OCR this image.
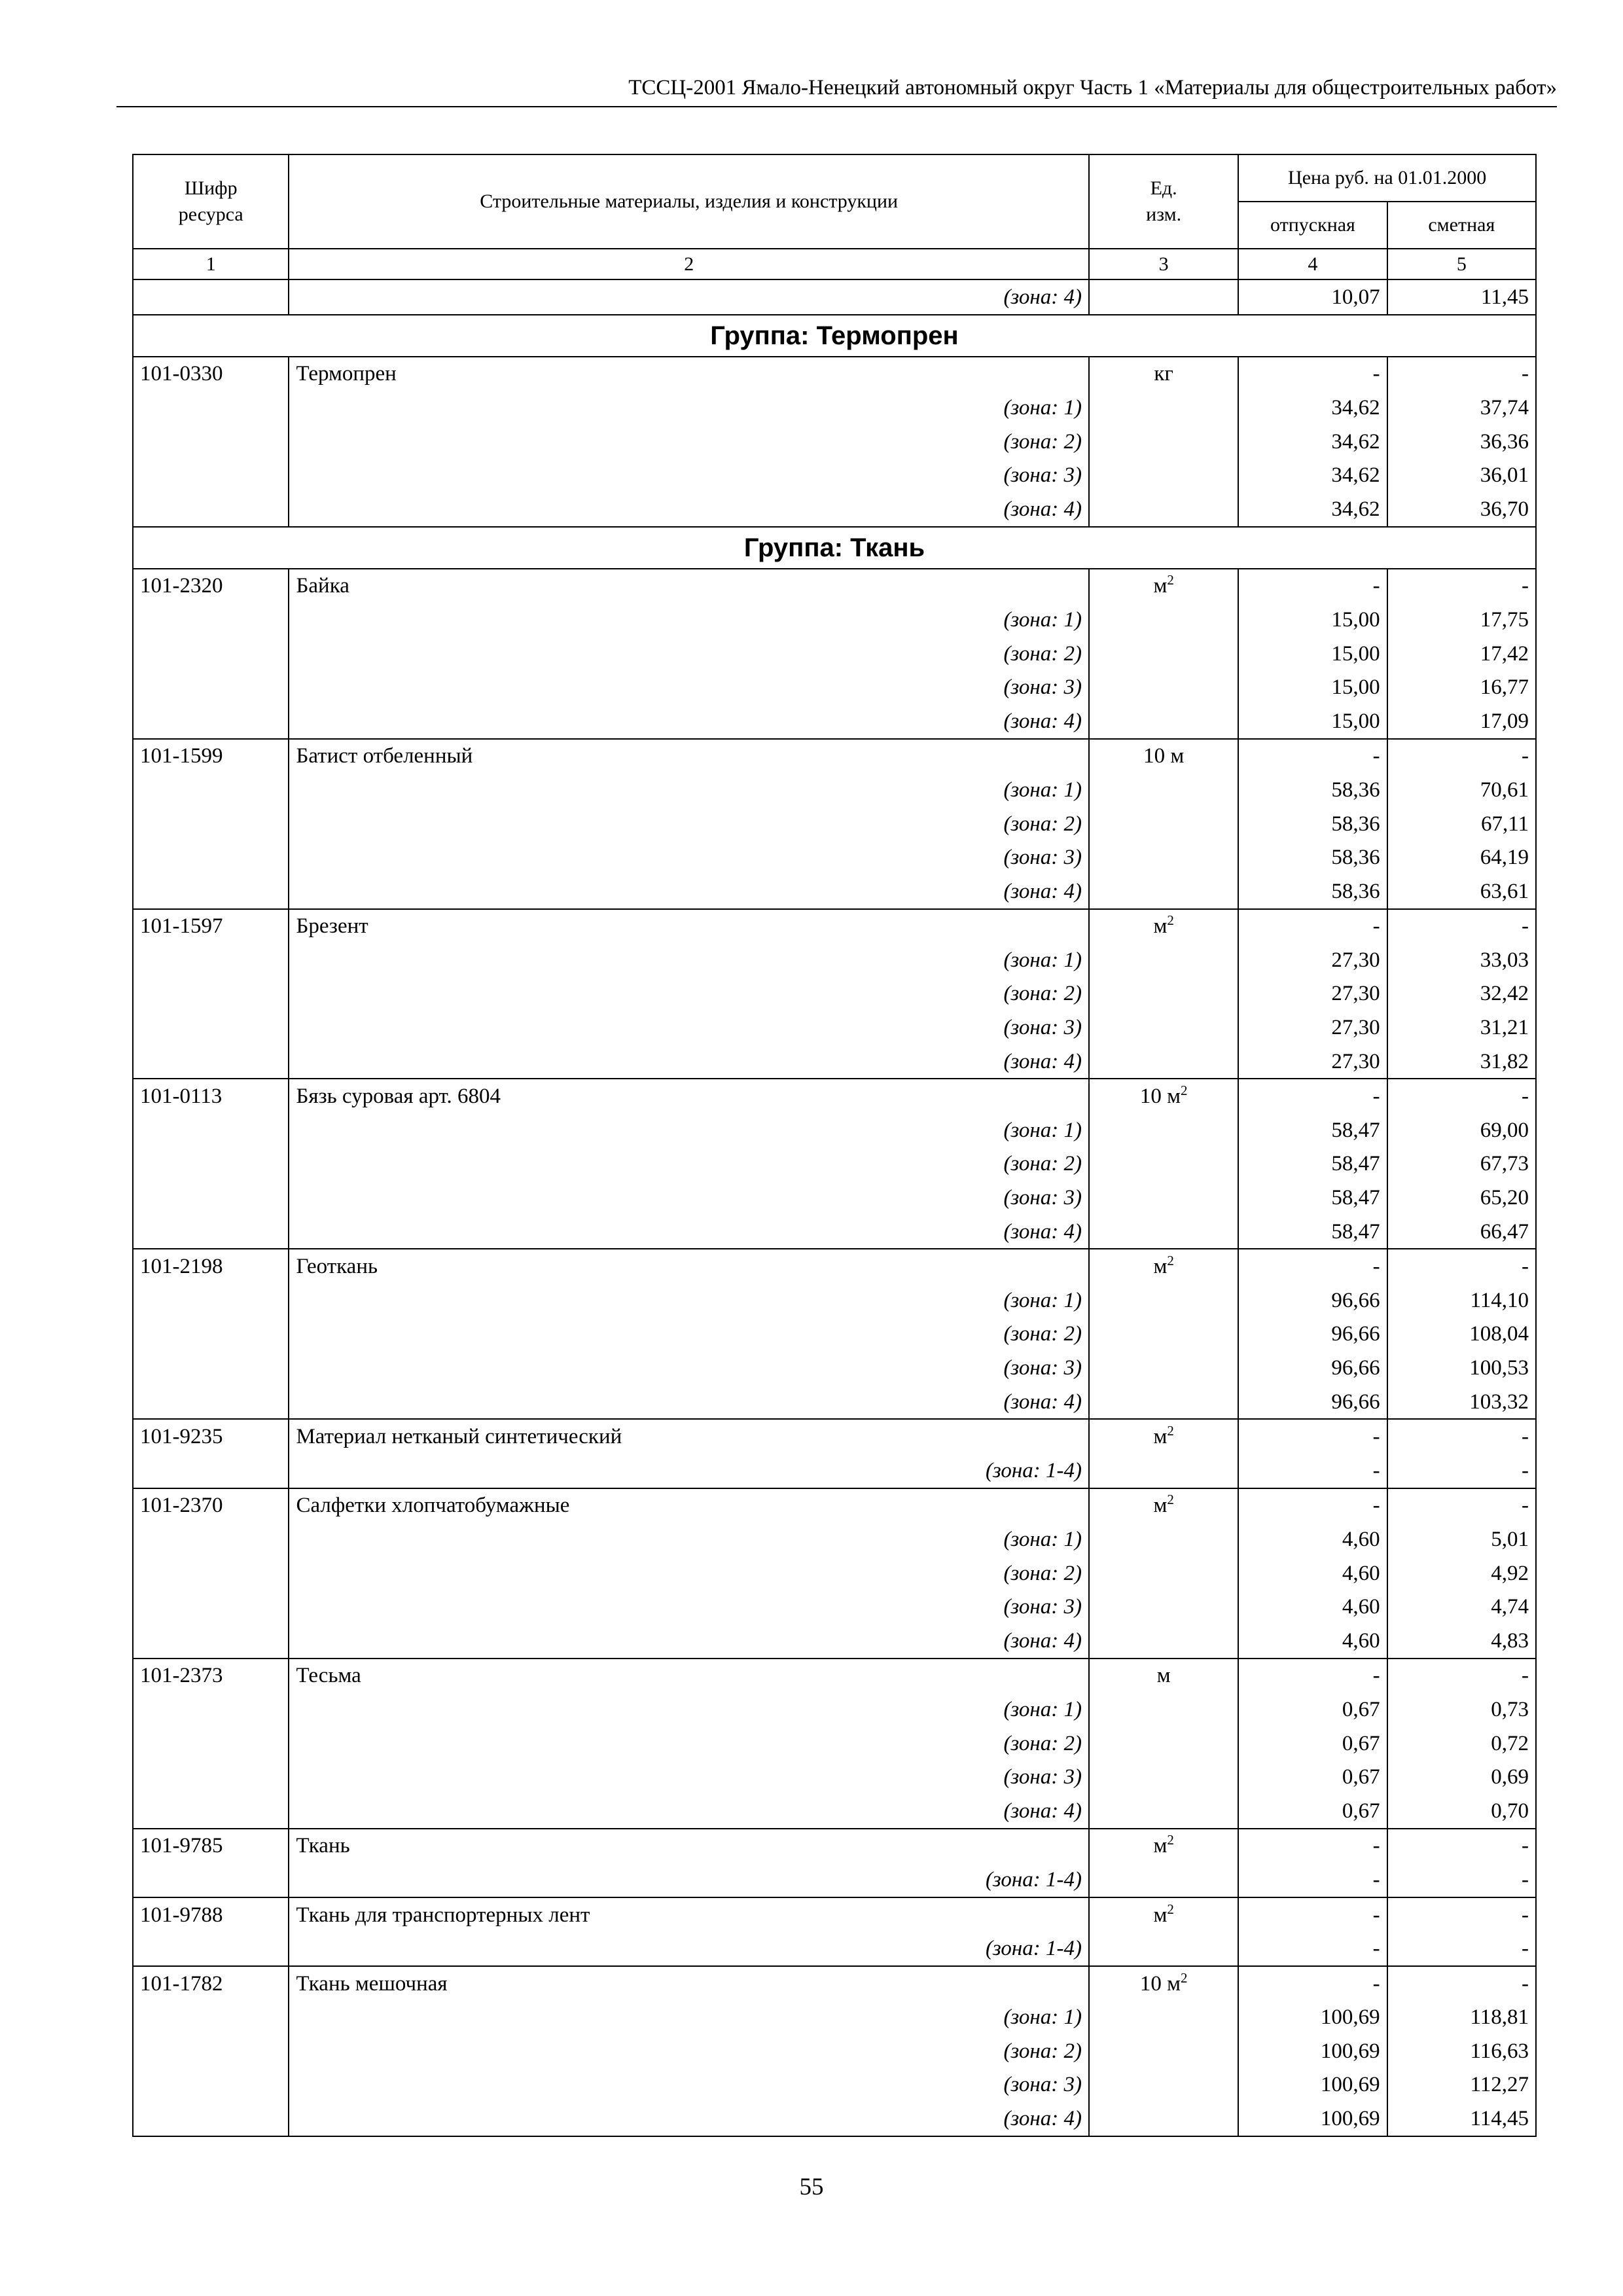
ТССЦ-2001 Ямало-Ненецкий автономный округ Часть 1 «Материалы для общестроительных работ»
Шифр ресурса	Строительные материалы, изделия и конструкции	Ед. изм.	Цена руб. на 01.01.2000	
			отпускная	сметная
1	2	3	4	5
	(зона: 4)		10,07	11,45
Группа: Термопрен				
101-0330	Термопрен	кг	-	-
	(зона: 1)		34,62	37,74
	(зона: 2)		34,62	36,36
	(зона: 3)		34,62	36,01
	(зона: 4)		34,62	36,70
Группа: Ткань				
101-2320	Байка	$м^2$	-	-
	(зона: 1)		15,00	17,75
	(зона: 2)		15,00	17,42
	(зона: 3)		15,00	16,77
	(зона: 4)		15,00	17,09
101-1599	Батист отбеленный	10 м	-	-
	(зона: 1)		58,36	70,61
	(зона: 2)		58,36	67,11
	(зона: 3)		58,36	64,19
	(зона: 4)		58,36	63,61
101-1597	Брезент	$м^2$	-	-
	(зона: 1)		27,30	33,03
	(зона: 2)		27,30	32,42
	(зона: 3)		27,30	31,21
	(зона: 4)		27,30	31,82
101-0113	Бязь суровая арт. 6804	10 $м^2$	-	-
	(зона: 1)		58,47	69,00
	(зона: 2)		58,47	67,73
	(зона: 3)		58,47	65,20
	(зона: 4)		58,47	66,47
101-2198	Геоткань	$м^2$	-	-
	(зона: 1)		96,66	114,10
	(зона: 2)		96,66	108,04
	(зона: 3)		96,66	100,53
	(зона: 4)		96,66	103,32
101-9235	Материал нетканый синтетический	$м^2$	-	-
	(зона: 1-4)		-	-
101-2370	Салфетки хлопчатобумажные	$м^2$	-	-
	(зона: 1)		4,60	5,01
	(зона: 2)		4,60	4,92
	(зона: 3)		4,60	4,74
	(зона: 4)		4,60	4,83
101-2373	Тесьма	м	-	-
	(зона: 1)		0,67	0,73
	(зона: 2)		0,67	0,72
	(зона: 3)		0,67	0,69
	(зона: 4)		0,67	0,70
101-9785	Ткань	$м^2$	-	-
	(зона: 1-4)		-	-
101-9788	Ткань для транспортерных лент	$м^2$	-	-
	(зона: 1-4)		-	-
101-1782	Ткань мешочная	10 $м^2$	-	-
	(зона: 1)		100,69	118,81
	(зона: 2)		100,69	116,63
	(зона: 3)		100,69	112,27
	(зона: 4)		100,69	114,45
55
